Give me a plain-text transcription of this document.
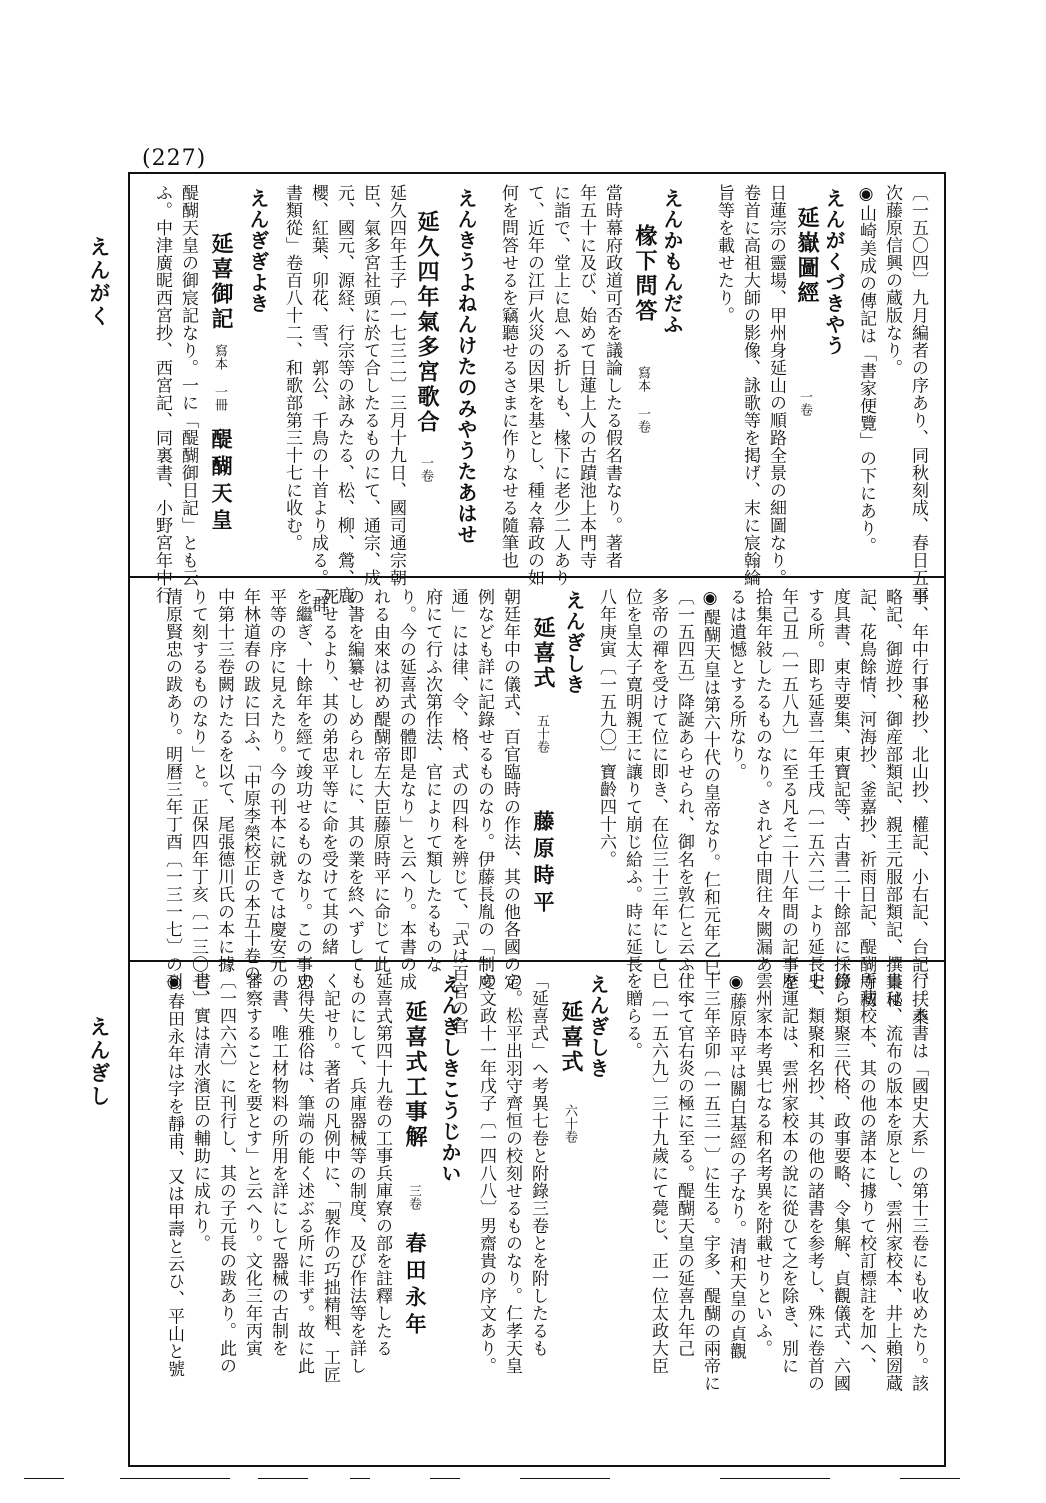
(227)
えんがく
えんぎし
〔一五〇四〕九月編者の序あり、同秋刻成、春日五平
次藤原信興の蔵版なり。
◉山崎美成の傳記は「書家便覽」の下にあり。
えんがくづきやう
延嶽圖經
一卷
日蓮宗の靈場、甲州身延山の順路全景の細圖なり。
卷首に高祖大師の影像、詠歌等を掲げ、末に宸翰綸
旨等を載せたり。
えんかもんだふ
椽下問答
寫本 一卷
當時幕府政道可否を議論したる假名書なり。著者
年五十に及び、始めて日蓮上人の古蹟池上本門寺
に詣で、堂上に息へる折しも、椽下に老少二人あり
て、近年の江戸火災の因果を基とし、種々幕政の如
何を問答せるを竊聽せるさまに作りなせる隨筆也
えんきうよねんけたのみやうたあはせ
延久四年氣多宮歌合
一卷
延久四年壬子〔一七三二〕三月十九日、國司通宗朝
臣、氣多宮社頭に於て合したるものにて、通宗、成
元、國元、源経、行宗等の詠みたる、松、柳、鶯、鹿、
櫻、紅葉、卯花、雪、郭公、千鳥の十首より成る。「群
書類從」卷百八十二、和歌部第三十七に收む。
えんぎぎよき
延喜御記
寫本 一冊
醍醐天皇
醍醐天皇の御宸記なり。一に「醍醐御日記」とも云
ふ。中津廣昵西宮抄、西宮記、同裏書、小野宮年中行
事、年中行事秘抄、北山抄、權記、小右記、台記、扶桑
略記、御遊抄、御産部類記、親王元服部類記、撰集秘
記、花鳥餘情、河海抄、釜嘉抄、祈雨日記、醍醐寺初
度具書、東寺要集、東寶記等、古書二十餘部に採錄
する所。即ち延喜二年壬戌〔一五六二〕より延長七
年己丑〔一五八九〕に至る凡そ二十八年間の記事を
拾集年敍したるものなり。されど中間往々闕漏あ
るは遺憾とする所なり。
◉醍醐天皇は第六十代の皇帝なり。仁和元年乙巳
〔一五四五〕降誕あらせられ、御名を敦仁と云ふ。宇
多帝の禪を受けて位に即き、在位三十三年にして
位を皇太子寛明親王に讓りて崩じ給ふ。時に延長
八年庚寅〔一五九〇〕寶齡四十六。
えんぎしき
延喜式
五十卷
藤原時平
朝廷年中の儀式、百官臨時の作法、其の他各國の定
例なども詳に記錄せるものなり。伊藤長胤の「制度
通」には律、令、格、式の四科を辨じて、「式は百官の官
府にて行ふ次第作法、官によりて類したるものな
り。今の延喜式の體即是なり」と云へり。本書の成
れる由來は初め醍醐帝左大臣藤原時平に命じて此
の書を編纂せしめられしに、其の業を終へずして
死せるより、其の弟忠平等に命を受けて其の緒
を繼ぎ、十餘年を經て竣功せるものなり。この事忠
平等の序に見えたり。今の刊本に就きては慶安元
年林道春の跋に曰ふ、「中原李榮校正の本五十卷の
中第十三卷闕けたるを以て、尾張德川氏の本に據
りて刻するものなり」と。正保四年丁亥〔一三〇七〕
清原賢忠の跋あり。明曆三年丁酉〔一三一七〕の刊
行。本書は「國史大系」の第十三卷にも收めたり。該
書は、流布の版本を原とし、雲州家校本、井上賴圀蔵
所藏校本、其の他の諸本に據りて校訂標註を加へ、
傍ら類聚三代格、政事要略、令集解、貞觀儀式、六國
史、類聚和名抄、其の他の諸書を参考し、殊に卷首の
歷運記は、雲州家校本の說に從ひて之を除き、別に
雲州家本考異七なる和名考異を附載せりといふ。
◉藤原時平は關白基經の子なり。清和天皇の貞觀
十三年辛卯〔一五三一〕に生る。宇多、醍醐の兩帝に
仕へて官右炎の極に至る。醍醐天皇の延喜九年己
巳〔一五六九〕三十九歲にて薨じ、正一位太政大臣
を贈らる。
えんぎしき
延喜式
六十卷
「延喜式」へ考異七卷と附錄三卷とを附したるも
の。松平出羽守齊恒の校刻せるものなり。仁孝天皇
の文政十一年戊子〔一四八八〕男齋貴の序文あり。
えんぎしきこうじかい
延喜式工事解
三卷
春田永年
延喜式第四十九卷の工事兵庫寮の部を註釋したる
ものにして、兵庫器械等の制度、及び作法等を詳し
く記せり。著者の凡例中に、「製作の巧拙精粗、工匠
の得失雅俗は、筆端の能く述ぶる所に非ず。故に此
の書、唯工材物料の所用を詳にして器械の古制を
審察することを要とす」と云へり。文化三年丙寅
〔一四六六〕に刊行し、其の子元長の跋あり。此の
書、實は清水濱臣の輔助に成れり。
◉春田永年は字を靜甫、又は甲壽と云ひ、平山と號
